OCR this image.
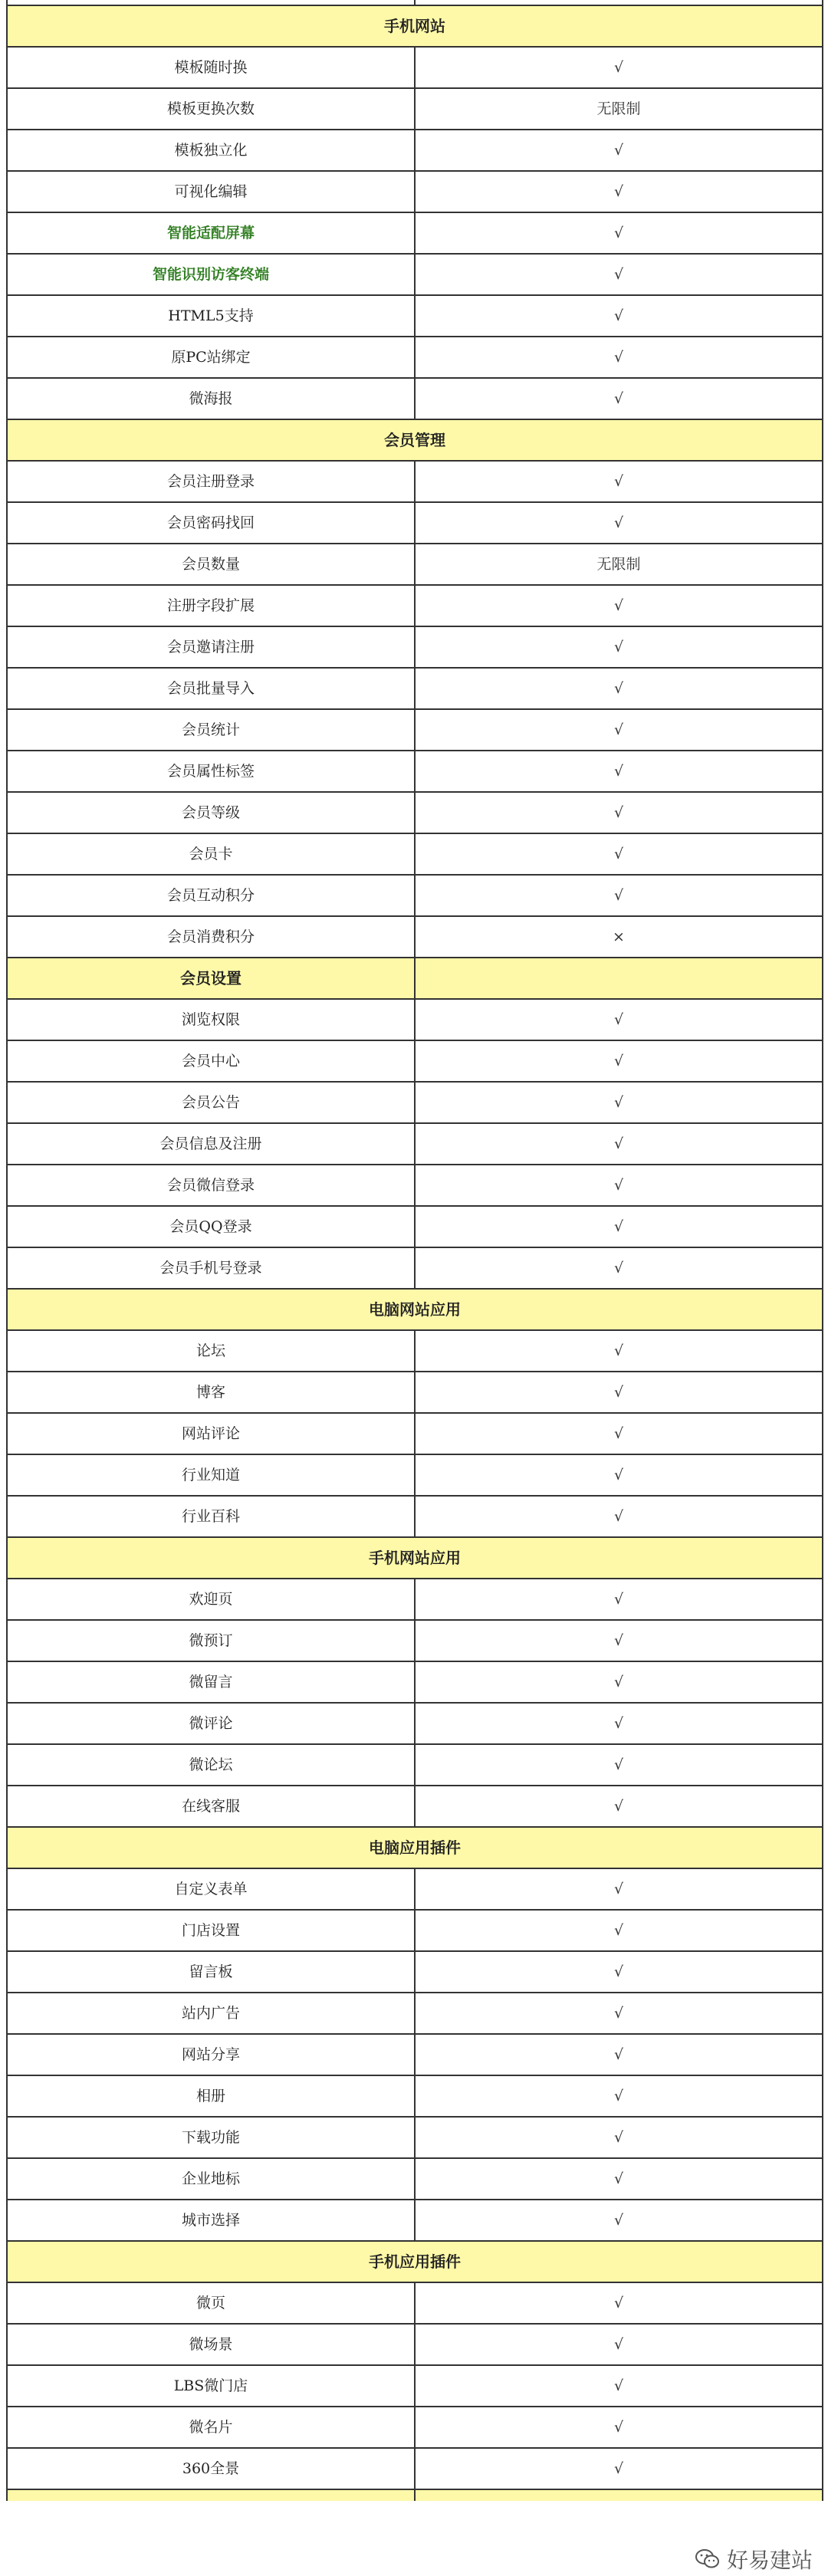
手机网站	
模板随时换	√
模板更换次数	无限制
模板独立化	√
可视化编辑	√
智能适配屏幕	√
智能识别访客终端	√
HTML5支持	√
原PC站绑定	√
微海报	√
会员管理	
会员注册登录	√
会员密码找回	√
会员数量	无限制
注册字段扩展	√
会员邀请注册	√
会员批量导入	√
会员统计	√
会员属性标签	√
会员等级	√
会员卡	√
会员互动积分	√
会员消费积分	×
会员设置	
浏览权限	√
会员中心	√
会员公告	√
会员信息及注册	√
会员微信登录	√
会员QQ登录	√
会员手机号登录	√
电脑网站应用	
论坛	√
博客	√
网站评论	√
行业知道	√
行业百科	√
手机网站应用	
欢迎页	√
微预订	√
微留言	√
微评论	√
微论坛	√
在线客服	√
电脑应用插件	
自定义表单	√
门店设置	√
留言板	√
站内广告	√
网站分享	√
相册	√
下载功能	√
企业地标	√
城市选择	√
手机应用插件	
微页	√
微场景	√
LBS微门店	√
微名片	√
360全景	√

好易建站
